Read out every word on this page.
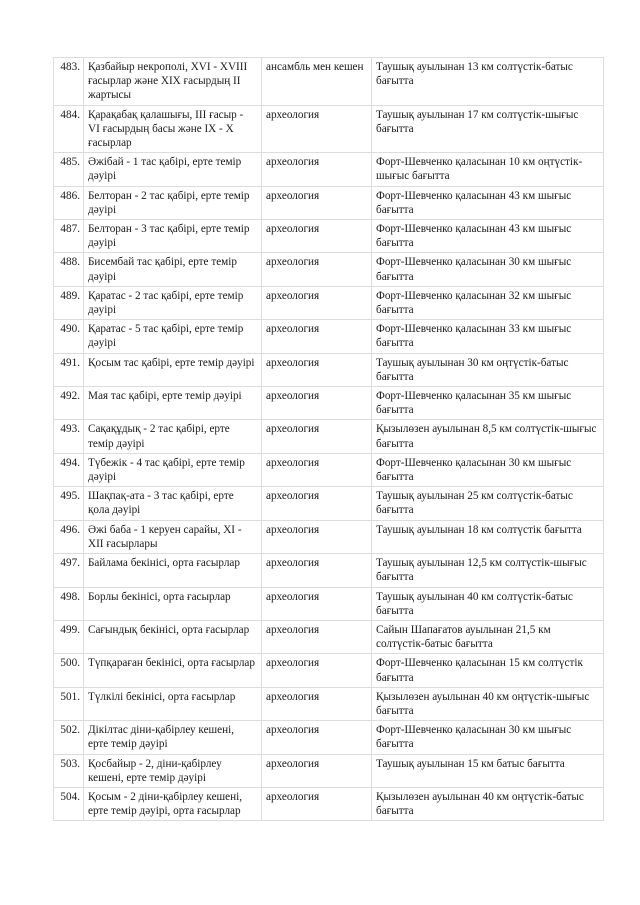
483.	Қазбайыр некрополі, XVI - XVIII ғасырлар және XIX ғасырдың II жартысы	ансамбль мен кешен	Таушық ауылынан 13 км солтүстік-батыс бағытта
484.	Қарақабақ қалашығы, III ғасыр - VI ғасырдың басы және IX - X ғасырлар	археология	Таушық ауылынан 17 км солтүстік-шығыс бағытта
485.	Әжібай - 1 тас қабірі, ерте темір дәуірі	археология	Форт-Шевченко қаласынан 10 км оңтүстік-шығыс бағытта
486.	Белторан - 2 тас қабірі, ерте темір дәуірі	археология	Форт-Шевченко қаласынан 43 км шығыс бағытта
487.	Белторан - 3 тас қабірі, ерте темір дәуірі	археология	Форт-Шевченко қаласынан 43 км шығыс бағытта
488.	Бисембай тас қабірі, ерте темір дәуірі	археология	Форт-Шевченко қаласынан 30 км шығыс бағытта
489.	Қаратас - 2 тас қабірі, ерте темір дәуірі	археология	Форт-Шевченко қаласынан 32 км шығыс бағытта
490.	Қаратас - 5 тас қабірі, ерте темір дәуірі	археология	Форт-Шевченко қаласынан 33 км шығыс бағытта
491.	Қосым тас қабірі, ерте темір дәуірі	археология	Таушық ауылынан 30 км оңтүстік-батыс бағытта
492.	Мая тас қабірі, ерте темір дәуірі	археология	Форт-Шевченко қаласынан 35 км шығыс бағытта
493.	Сақақұдық - 2 тас қабірі, ерте темір дәуірі	археология	Қызылөзен ауылынан 8,5 км солтүстік-шығыс бағытта
494.	Түбежік - 4 тас қабірі, ерте темір дәуірі	археология	Форт-Шевченко қаласынан 30 км шығыс бағытта
495.	Шақпақ-ата - 3 тас қабірі, ерте қола дәуірі	археология	Таушық ауылынан 25 км солтүстік-батыс бағытта
496.	Әжі баба - 1 керуен сарайы, XI - XII ғасырлары	археология	Таушық ауылынан 18 км солтүстік бағытта
497.	Байлама бекінісі, орта ғасырлар	археология	Таушық ауылынан 12,5 км солтүстік-шығыс бағытта
498.	Борлы бекінісі, орта ғасырлар	археология	Таушық ауылынан 40 км солтүстік-батыс бағытта
499.	Сағындық бекінісі, орта ғасырлар	археология	Сайын Шапағатов ауылынан 21,5 км солтүстік-батыс бағытта
500.	Түпқараған бекінісі, орта ғасырлар	археология	Форт-Шевченко қаласынан 15 км солтүстік бағытта
501.	Түлкілі бекінісі, орта ғасырлар	археология	Қызылөзен ауылынан 40 км оңтүстік-шығыс бағытта
502.	Дікілтас діни-қабірлеу кешені, ерте темір дәуірі	археология	Форт-Шевченко қаласынан 30 км шығыс бағытта
503.	Қосбайыр - 2, діни-қабірлеу кешені, ерте темір дәуірі	археология	Таушық ауылынан 15 км батыс бағытта
504.	Қосым - 2 діни-қабірлеу кешені, ерте темір дәуірі, орта ғасырлар	археология	Қызылөзен ауылынан 40 км оңтүстік-батыс бағытта
